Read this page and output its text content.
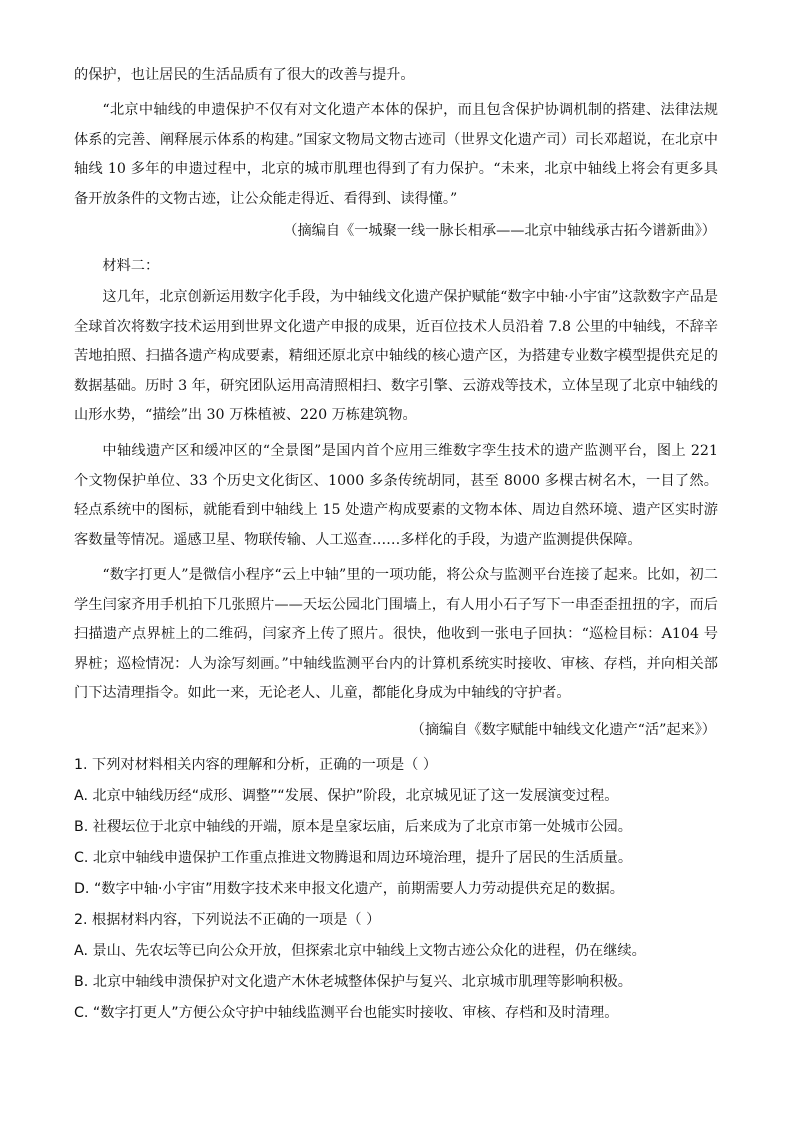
的保护，也让居民的生活品质有了很大的改善与提升。

“北京中轴线的申遗保护不仅有对文化遗产本体的保护，而且包含保护协调机制的搭建、法律法规体系的完善、阐释展示体系的构建。”国家文物局文物古迹司（世界文化遗产司）司长邓超说，在北京中轴线 10 多年的申遗过程中，北京的城市肌理也得到了有力保护。“未来，北京中轴线上将会有更多具备开放条件的文物古迹，让公众能走得近、看得到、读得懂。”

（摘编自《一城聚一线一脉长相承——北京中轴线承古拓今谱新曲》）

材料二：

这几年，北京创新运用数字化手段，为中轴线文化遗产保护赋能“数字中轴·小宇宙”这款数字产品是全球首次将数字技术运用到世界文化遗产申报的成果，近百位技术人员沿着 7.8 公里的中轴线，不辞辛苦地拍照、扫描各遗产构成要素，精细还原北京中轴线的核心遗产区，为搭建专业数字模型提供充足的数据基础。历时 3 年，研究团队运用高清照相扫、数字引擎、云游戏等技术，立体呈现了北京中轴线的山形水势，“描绘”出 30 万株植被、220 万栋建筑物。

中轴线遗产区和缓冲区的“全景图”是国内首个应用三维数字孪生技术的遗产监测平台，图上 221 个文物保护单位、33 个历史文化街区、1000 多条传统胡同，甚至 8000 多棵古树名木，一目了然。轻点系统中的图标，就能看到中轴线上 15 处遗产构成要素的文物本体、周边自然环境、遗产区实时游客数量等情况。遥感卫星、物联传输、人工巡查……多样化的手段，为遗产监测提供保障。

“数字打更人”是微信小程序“云上中轴”里的一项功能，将公众与监测平台连接了起来。比如，初二学生闫家齐用手机拍下几张照片——天坛公园北门围墙上，有人用小石子写下一串歪歪扭扭的字，而后扫描遗产点界桩上的二维码，闫家齐上传了照片。很快，他收到一张电子回执：“巡检目标：A104 号界桩；巡检情况：人为涂写刻画。”中轴线监测平台内的计算机系统实时接收、审核、存档，并向相关部门下达清理指令。如此一来，无论老人、儿童，都能化身成为中轴线的守护者。

（摘编自《数字赋能中轴线文化遗产“活”起来》）

1. 下列对材料相关内容的理解和分析，正确的一项是（ ）

A. 北京中轴线历经“成形、调整”“发展、保护”阶段，北京城见证了这一发展演变过程。

B. 社稷坛位于北京中轴线的开端，原本是皇家坛庙，后来成为了北京市第一处城市公园。

C. 北京中轴线申遗保护工作重点推进文物腾退和周边环境治理，提升了居民的生活质量。

D. “数字中轴·小宇宙”用数字技术来申报文化遗产，前期需要人力劳动提供充足的数据。

2. 根据材料内容，下列说法不正确的一项是（ ）

A. 景山、先农坛等已向公众开放，但探索北京中轴线上文物古迹公众化的进程，仍在继续。

B. 北京中轴线申溃保护对文化遗产木休老城整体保护与复兴、北京城市肌理等影响积极。

C. “数字打更人”方便公众守护中轴线监测平台也能实时接收、审核、存档和及时清理。
